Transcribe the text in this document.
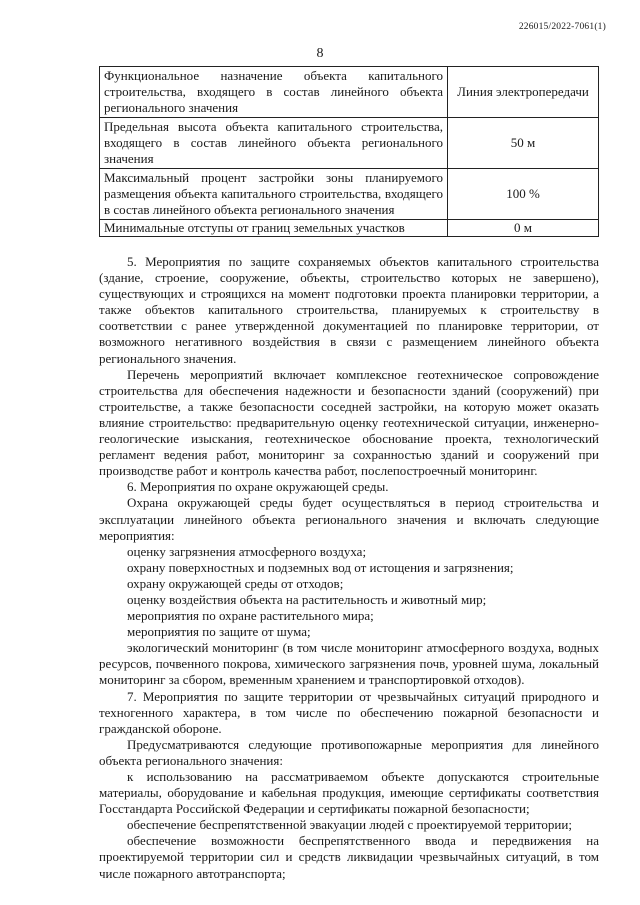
226015/2022-7061(1)
8
Функциональное назначение объекта капитального строительства, входящего в состав линейного объекта регионального значения	Линия электропередачи
Предельная высота объекта капитального строительства, входящего в состав линейного объекта регионального значения	50 м
Максимальный процент застройки зоны планируемого размещения объекта капитального строительства, входящего в состав линейного объекта регионального значения	100 %
Минимальные отступы от границ земельных участков	0 м

5. Мероприятия по защите сохраняемых объектов капитального строительства (здание, строение, сооружение, объекты, строительство которых не завершено), существующих и строящихся на момент подготовки проекта планировки территории, а также объектов капитального строительства, планируемых к строительству в соответствии с ранее утвержденной документацией по планировке территории, от возможного негативного воздействия в связи с размещением линейного объекта регионального значения.

Перечень мероприятий включает комплексное геотехническое сопровождение строительства для обеспечения надежности и безопасности зданий (сооружений) при строительстве, а также безопасности соседней застройки, на которую может оказать влияние строительство: предварительную оценку геотехнической ситуации, инженерно-геологические изыскания, геотехническое обоснование проекта, технологический регламент ведения работ, мониторинг за сохранностью зданий и сооружений при производстве работ и контроль качества работ, послепостроечный мониторинг.

6. Мероприятия по охране окружающей среды.

Охрана окружающей среды будет осуществляться в период строительства и эксплуатации линейного объекта регионального значения и включать следующие мероприятия:

оценку загрязнения атмосферного воздуха;

охрану поверхностных и подземных вод от истощения и загрязнения;

охрану окружающей среды от отходов;

оценку воздействия объекта на растительность и животный мир;

мероприятия по охране растительного мира;

мероприятия по защите от шума;

экологический мониторинг (в том числе мониторинг атмосферного воздуха, водных ресурсов, почвенного покрова, химического загрязнения почв, уровней шума, локальный мониторинг за сбором, временным хранением и транспортировкой отходов).

7. Мероприятия по защите территории от чрезвычайных ситуаций природного и техногенного характера, в том числе по обеспечению пожарной безопасности и гражданской обороне.

Предусматриваются следующие противопожарные мероприятия для линейного объекта регионального значения:

к использованию на рассматриваемом объекте допускаются строительные материалы, оборудование и кабельная продукция, имеющие сертификаты соответствия Госстандарта Российской Федерации и сертификаты пожарной безопасности;

обеспечение беспрепятственной эвакуации людей с проектируемой территории;

обеспечение возможности беспрепятственного ввода и передвижения на проектируемой территории сил и средств ликвидации чрезвычайных ситуаций, в том числе пожарного автотранспорта;
